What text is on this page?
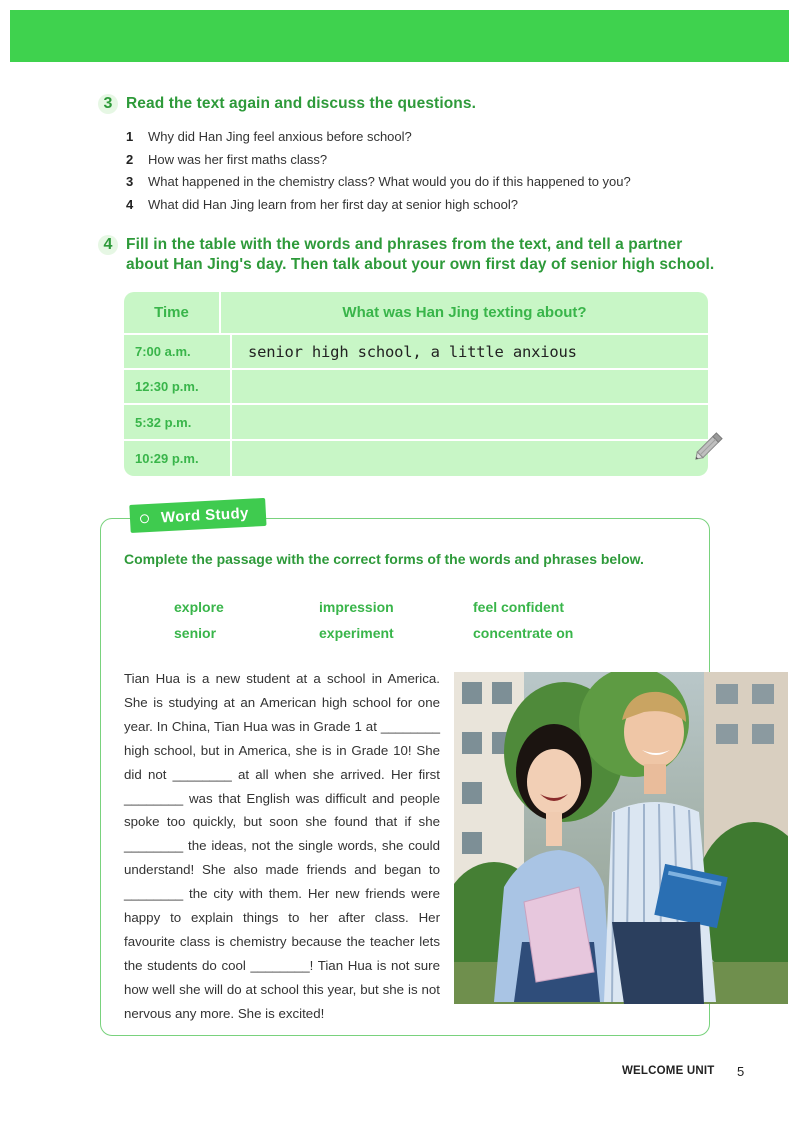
3 Read the text again and discuss the questions.
1 Why did Han Jing feel anxious before school?
2 How was her first maths class?
3 What happened in the chemistry class? What would you do if this happened to you?
4 What did Han Jing learn from her first day at senior high school?
4 Fill in the table with the words and phrases from the text, and tell a partner
about Han Jing's day. Then talk about your own first day of senior high school.
Time	What was Han Jing texting about?
7:00 a.m.	senior high school, a little anxious
12:30 p.m.
5:32 p.m.
10:29 p.m.
Word Study
Complete the passage with the correct forms of the words and phrases below.
explore	impression	feel confident
senior	experiment	concentrate on
Tian Hua is a new student at a school in America. She is studying at an American high school for one year. In China, Tian Hua was in Grade 1 at ________ high school, but in America, she is in Grade 10! She did not ________ at all when she arrived. Her first ________ was that English was difficult and people spoke too quickly, but soon she found that if she ________ the ideas, not the single words, she could understand! She also made friends and began to ________ the city with them. Her new friends were happy to explain things to her after class. Her favourite class is chemistry because the teacher lets the students do cool ________! Tian Hua is not sure how well she will do at school this year, but she is not nervous any more. She is excited!
WELCOME UNIT 5
